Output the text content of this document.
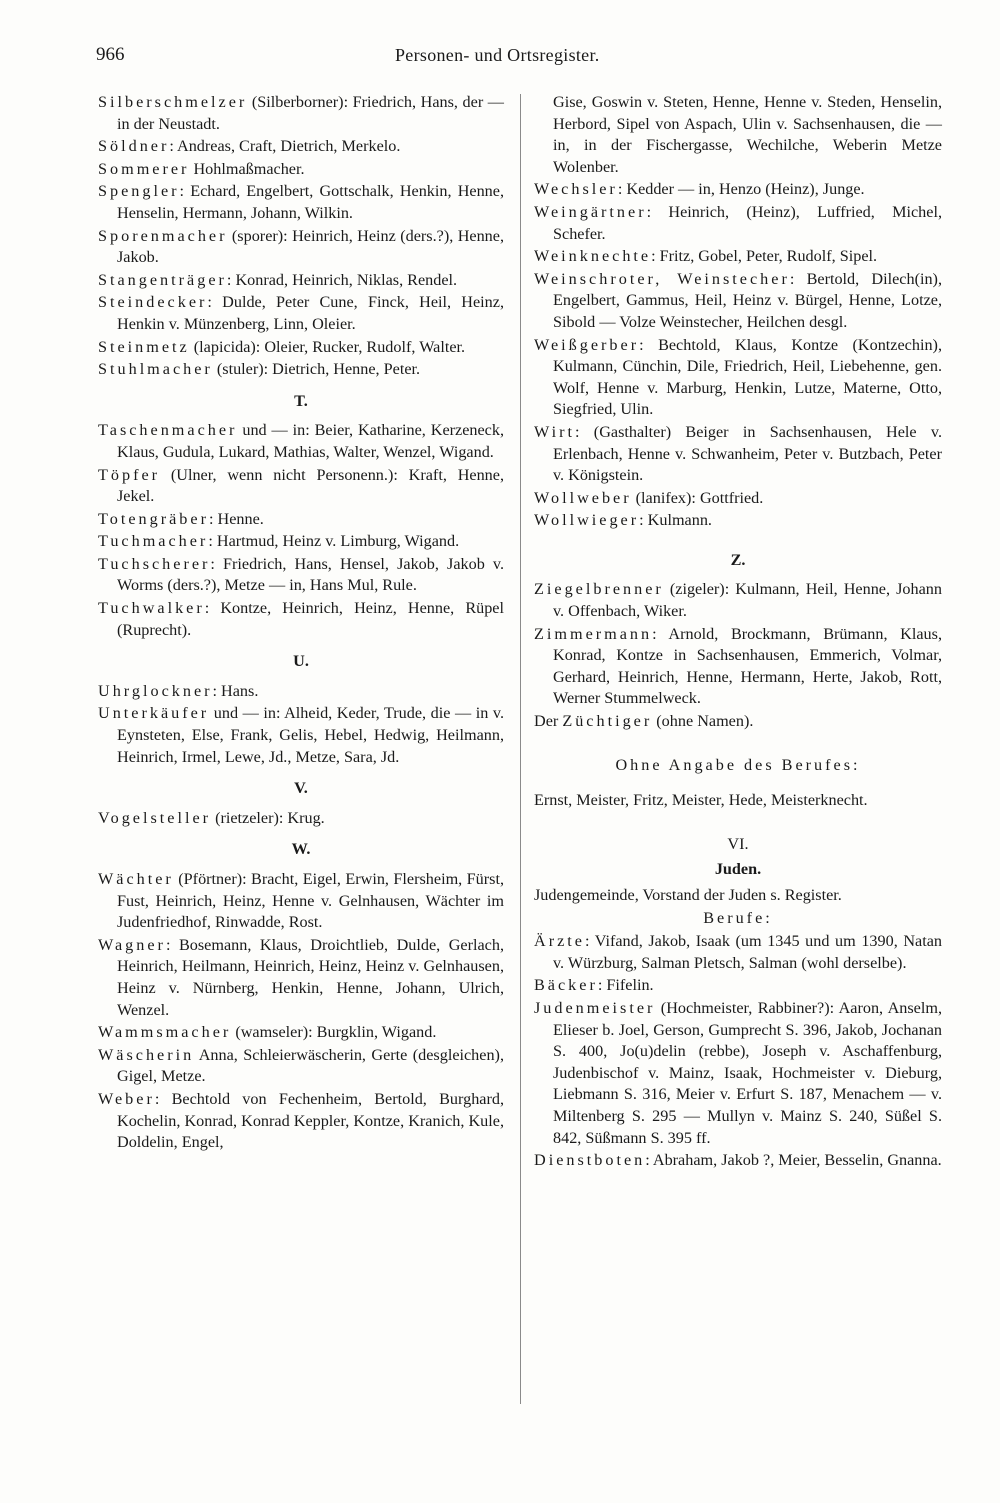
966	Personen- und Ortsregister.
Silberschmelzer (Silberborner): Friedrich, Hans, der — in der Neustadt.
Söldner: Andreas, Craft, Dietrich, Merkelo.
Sommerer Hohlmaßmacher.
Spengler: Echard, Engelbert, Gottschalk, Henkin, Henne, Henselin, Hermann, Johann, Wilkin.
Sporenmacher (sporer): Heinrich, Heinz (ders.?), Henne, Jakob.
Stangenträger: Konrad, Heinrich, Niklas, Rendel.
Steindecker: Dulde, Peter Cune, Finck, Heil, Heinz, Henkin v. Münzenberg, Linn, Oleier.
Steinmetz (lapicida): Oleier, Rucker, Rudolf, Walter.
Stuhlmacher (stuler): Dietrich, Henne, Peter.
T.
Taschenmacher und — in: Beier, Katharine, Kerzeneck, Klaus, Gudula, Lukard, Mathias, Walter, Wenzel, Wigand.
Töpfer (Ulner, wenn nicht Personenn.): Kraft, Henne, Jekel.
Totengräber: Henne.
Tuchmacher: Hartmud, Heinz v. Limburg, Wigand.
Tuchscherer: Friedrich, Hans, Hensel, Jakob, Jakob v. Worms (ders.?), Metze — in, Hans Mul, Rule.
Tuchwalker: Kontze, Heinrich, Heinz, Henne, Rüpel (Ruprecht).
U.
Uhrglockner: Hans.
Unterkäufer und — in: Alheid, Keder, Trude, die — in v. Eynsteten, Else, Frank, Gelis, Hebel, Hedwig, Heilmann, Heinrich, Irmel, Lewe, Jd., Metze, Sara, Jd.
V.
Vogelsteller (rietzeler): Krug.
W.
Wächter (Pförtner): Bracht, Eigel, Erwin, Flersheim, Fürst, Fust, Heinrich, Heinz, Henne v. Gelnhausen, Wächter im Judenfriedhof, Rinwadde, Rost.
Wagner: Bosemann, Klaus, Droichtlieb, Dulde, Gerlach, Heinrich, Heilmann, Heinrich, Heinz, Heinz v. Gelnhausen, Heinz v. Nürnberg, Henkin, Henne, Johann, Ulrich, Wenzel.
Wammsmacher (wamseler): Burgklin, Wigand.
Wäscherin Anna, Schleierwäscherin, Gerte (desgleichen), Gigel, Metze.
Weber: Bechtold von Fechenheim, Bertold, Burghard, Kochelin, Konrad, Konrad Keppler, Kontze, Kranich, Kule, Doldelin, Engel,
Gise, Goswin v. Steten, Henne, Henne v. Steden, Henselin, Herbord, Sipel von Aspach, Ulin v. Sachsenhausen, die — in, in der Fischergasse, Wechilche, Weberin Metze Wolenber.
Wechsler: Kedder — in, Henzo (Heinz), Junge.
Weingärtner: Heinrich, (Heinz), Luffried, Michel, Schefer.
Weinknechte: Fritz, Gobel, Peter, Rudolf, Sipel.
Weinschroter, Weinstecher: Bertold, Dilech(in), Engelbert, Gammus, Heil, Heinz v. Bürgel, Henne, Lotze, Sibold — Volze Weinstecher, Heilchen desgl.
Weißgerber: Bechtold, Klaus, Kontze (Kontzechin), Kulmann, Cünchin, Dile, Friedrich, Heil, Liebehenne, gen. Wolf, Henne v. Marburg, Henkin, Lutze, Materne, Otto, Siegfried, Ulin.
Wirt: (Gasthalter) Beiger in Sachsenhausen, Hele v. Erlenbach, Henne v. Schwanheim, Peter v. Butzbach, Peter v. Königstein.
Wollweber (lanifex): Gottfried.
Wollwieger: Kulmann.
Z.
Ziegelbrenner (zigeler): Kulmann, Heil, Henne, Johann v. Offenbach, Wiker.
Zimmermann: Arnold, Brockmann, Brümann, Klaus, Konrad, Kontze in Sachsenhausen, Emmerich, Volmar, Gerhard, Heinrich, Henne, Hermann, Herte, Jakob, Rott, Werner Stummelweck.
Der Züchtiger (ohne Namen).
Ohne Angabe des Berufes:
Ernst, Meister, Fritz, Meister, Hede, Meisterknecht.
VI.
Juden.
Judengemeinde, Vorstand der Juden s. Register.
Berufe:
Ärzte: Vifand, Jakob, Isaak (um 1345 und um 1390, Natan v. Würzburg, Salman Pletsch, Salman (wohl derselbe).
Bäcker: Fifelin.
Judenmeister (Hochmeister, Rabbiner?): Aaron, Anselm, Elieser b. Joel, Gerson, Gumprecht S. 396, Jakob, Jochanan S. 400, Jo(u)delin (rebbe), Joseph v. Aschaffenburg, Judenbischof v. Mainz, Isaak, Hochmeister v. Dieburg, Liebmann S. 316, Meier v. Erfurt S. 187, Menachem — v. Miltenberg S. 295 — Mullyn v. Mainz S. 240, Süßel S. 842, Süßmann S. 395 ff.
Dienstboten: Abraham, Jakob ?, Meier, Besselin, Gnanna.
